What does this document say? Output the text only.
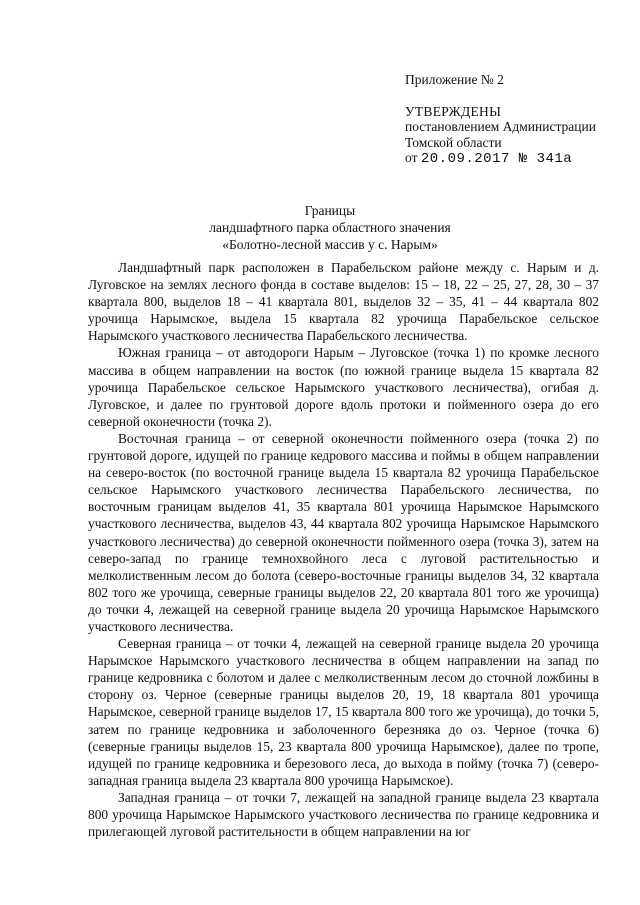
Приложение № 2

УТВЕРЖДЕНЫ

постановлением Администрации

Томской области

от 20.09.2017 № 341а

Границы

ландшафтного парка областного значения

«Болотно-лесной массив у с. Нарым»

Ландшафтный парк расположен в Парабельском районе между с. Нарым и д. Луговское на землях лесного фонда в составе выделов: 15 – 18, 22 – 25, 27, 28, 30 – 37 квартала 800, выделов 18 – 41 квартала 801, выделов 32 – 35, 41 – 44 квартала 802 урочища Нарымское, выдела 15 квартала 82 урочища Парабельское сельское Нарымского участкового лесничества Парабельского лесничества.

Южная граница – от автодороги Нарым – Луговское (точка 1) по кромке лесного массива в общем направлении на восток (по южной границе выдела 15 квартала 82 урочища Парабельское сельское Нарымского участкового лесничества), огибая д. Луговское, и далее по грунтовой дороге вдоль протоки и пойменного озера до его северной оконечности (точка 2).

Восточная граница – от северной оконечности пойменного озера (точка 2) по грунтовой дороге, идущей по границе кедрового массива и поймы в общем направлении на северо-восток (по восточной границе выдела 15 квартала 82 урочища Парабельское сельское Нарымского участкового лесничества Парабельского лесничества, по восточным границам выделов 41, 35 квартала 801 урочища Нарымское Нарымского участкового лесничества, выделов 43, 44 квартала 802 урочища Нарымское Нарымского участкового лесничества) до северной оконечности пойменного озера (точка 3), затем на северо-запад по границе темнохвойного леса с луговой растительностью и мелколиственным лесом до болота (северо-восточные границы выделов 34, 32 квартала 802 того же урочища, северные границы выделов 22, 20 квартала 801 того же урочища) до точки 4, лежащей на северной границе выдела 20 урочища Нарымское Нарымского участкового лесничества.

Северная граница – от точки 4, лежащей на северной границе выдела 20 урочища Нарымское Нарымского участкового лесничества в общем направлении на запад по границе кедровника с болотом и далее с мелколиственным лесом до сточной ложбины в сторону оз. Черное (северные границы выделов 20, 19, 18 квартала 801 урочища Нарымское, северной границе выделов 17, 15 квартала 800 того же урочища), до точки 5, затем по границе кедровника и заболоченного березняка до оз. Черное (точка 6) (северные границы выделов 15, 23 квартала 800 урочища Нарымское), далее по тропе, идущей по границе кедровника и березового леса, до выхода в пойму (точка 7) (северо-западная граница выдела 23 квартала 800 урочища Нарымское).

Западная граница – от точки 7, лежащей на западной границе выдела 23 квартала 800 урочища Нарымское Нарымского участкового лесничества по границе кедровника и прилегающей луговой растительности в общем направлении на юг
